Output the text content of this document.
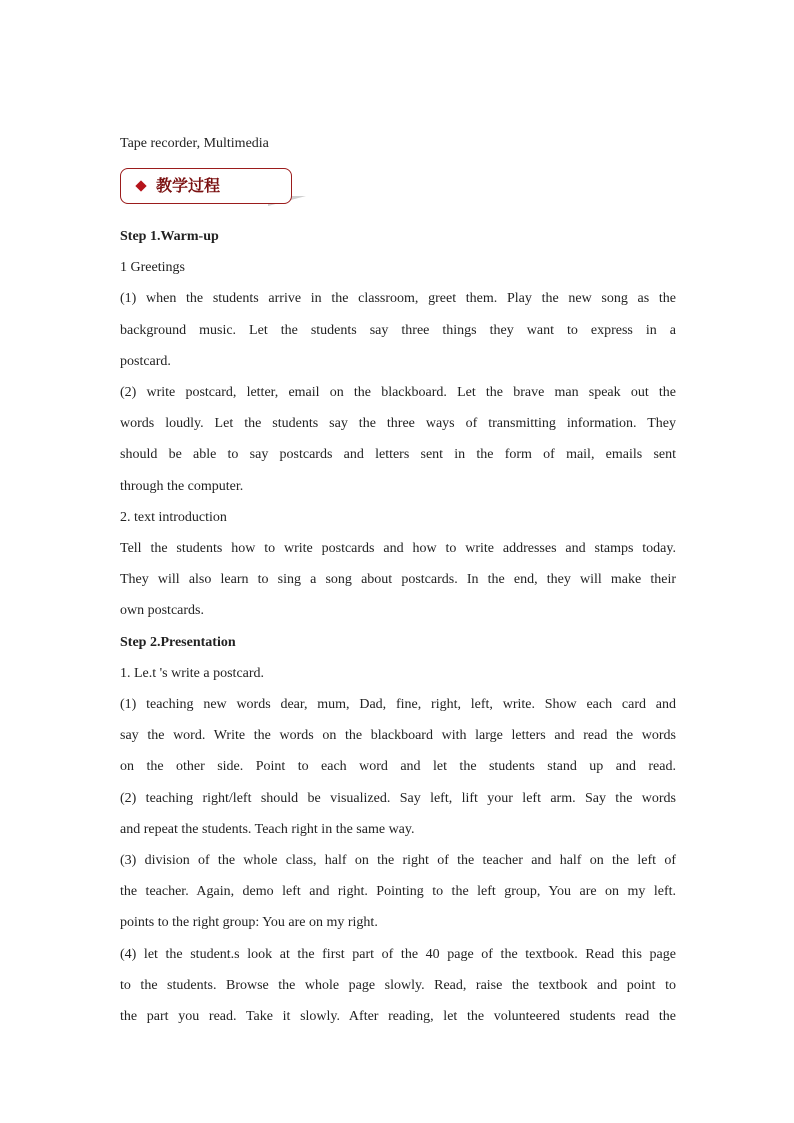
Tape recorder, Multimedia
教学过程
Step 1.Warm-up
1 Greetings
(1) when the students arrive in the classroom, greet them. Play the new song as the
background music. Let the students say three things they want to express in a
postcard.
(2) write postcard, letter, email on the blackboard. Let the brave man speak out the
words loudly. Let the students say the three ways of transmitting information. They
should be able to say postcards and letters sent in the form of mail, emails sent
through the computer.
2. text introduction
Tell the students how to write postcards and how to write addresses and stamps today.
They will also learn to sing a song about postcards. In the end, they will make their
own postcards.
Step 2.Presentation
1. Le.t 's write a postcard.
(1) teaching new words dear, mum, Dad, fine, right, left, write. Show each card and
say the word. Write the words on the blackboard with large letters and read the words
on the other side. Point to each word and let the students stand up and read.
(2) teaching right/left should be visualized. Say left, lift your left arm. Say the words
and repeat the students. Teach right in the same way.
(3) division of the whole class, half on the right of the teacher and half on the left of
the teacher. Again, demo left and right. Pointing to the left group, You are on my left.
points to the right group: You are on my right.
(4) let the student.s look at the first part of the 40 page of the textbook. Read this page
to the students. Browse the whole page slowly. Read, raise the textbook and point to
the part you read. Take it slowly. After reading, let the volunteered students read the
